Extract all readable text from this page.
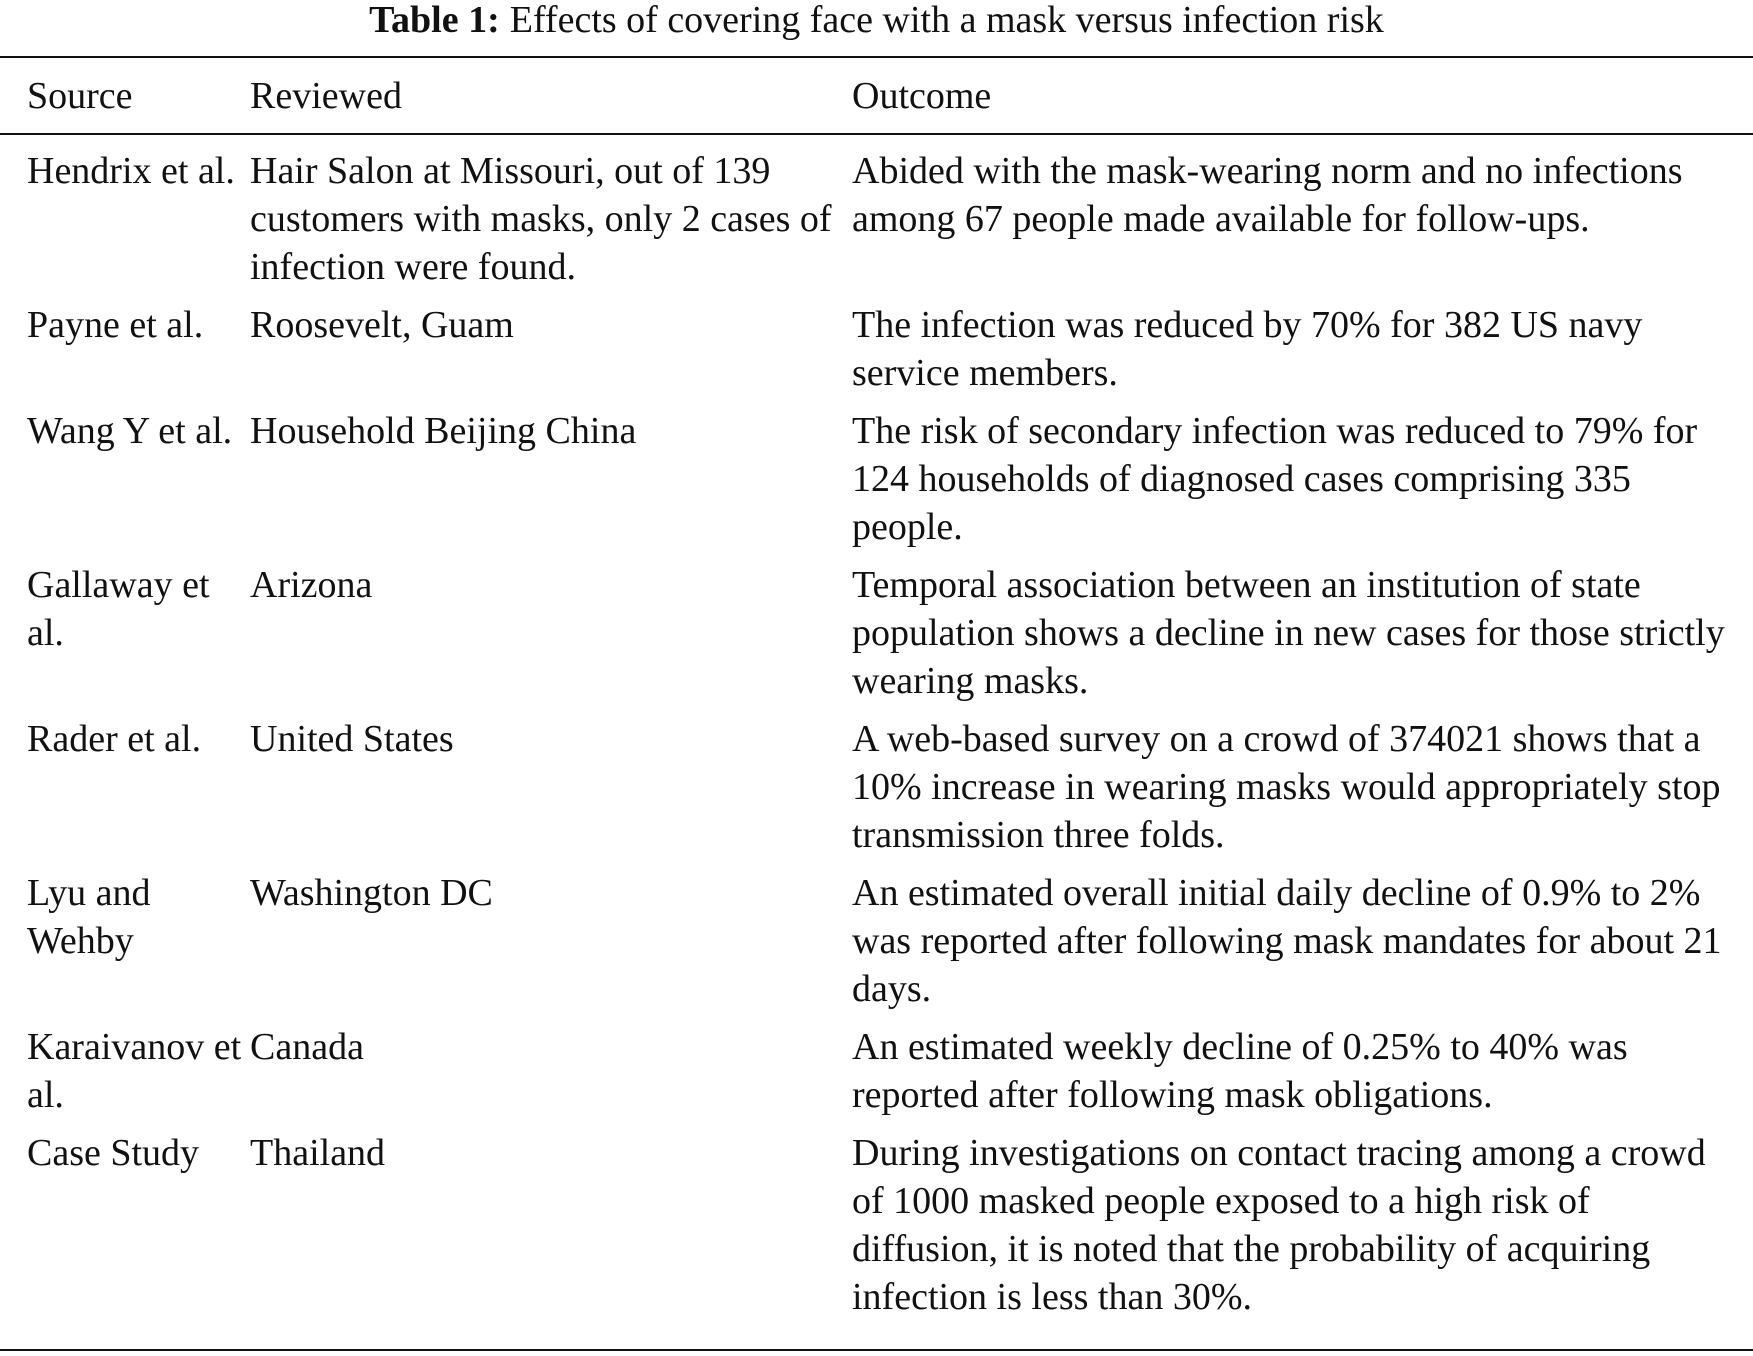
Table 1: Effects of covering face with a mask versus infection risk
Source	Reviewed	Outcome
Hendrix et al.	Hair Salon at Missouri, out of 139 customers with masks, only 2 cases of infection were found.	Abided with the mask-wearing norm and no infections among 67 people made available for follow-ups.
Payne et al.	Roosevelt, Guam	The infection was reduced by 70% for 382 US navy service members.
Wang Y et al.	Household Beijing China	The risk of secondary infection was reduced to 79% for 124 households of diagnosed cases comprising 335 people.
Gallaway et al.	Arizona	Temporal association between an institution of state population shows a decline in new cases for those strictly wearing masks.
Rader et al.	United States	A web-based survey on a crowd of 374021 shows that a 10% increase in wearing masks would appropriately stop transmission three folds.
Lyu and Wehby	Washington DC	An estimated overall initial daily decline of 0.9% to 2% was reported after following mask mandates for about 21 days.
Karaivanov et al.	Canada	An estimated weekly decline of 0.25% to 40% was reported after following mask obligations.
Case Study	Thailand	During investigations on contact tracing among a crowd of 1000 masked people exposed to a high risk of diffusion, it is noted that the probability of acquiring infection is less than 30%.
